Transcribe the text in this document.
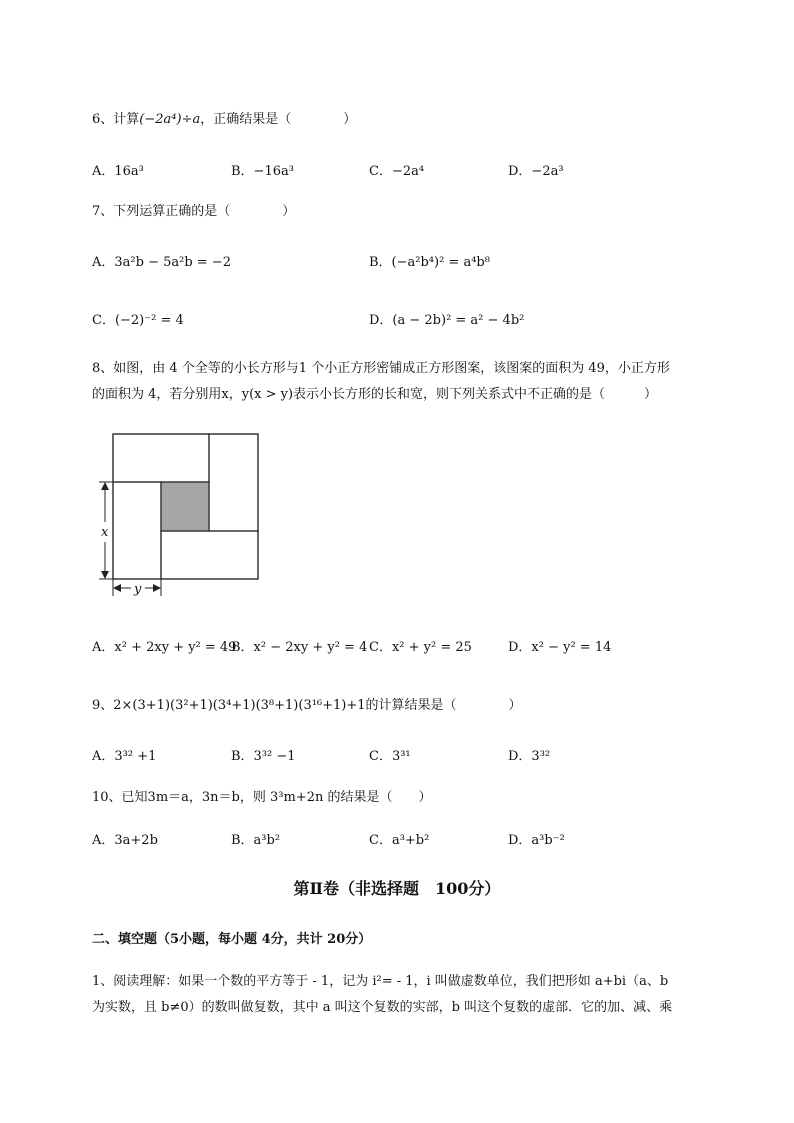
6、计算(−2a⁴)÷a，正确结果是（　　　　）
A．16a³	B．−16a³	C．−2a⁴	D．−2a³
7、下列运算正确的是（　　　　）
A．3a²b − 5a²b = −2	B．(−a²b⁴)² = a⁴b⁸
C．(−2)⁻² = 4	D．(a − 2b)² = a² − 4b²
8、如图，由 4 个全等的小长方形与1 个小正方形密铺成正方形图案，该图案的面积为 49，小正方形
的面积为 4，若分别用x，y(x > y)表示小长方形的长和宽，则下列关系式中不正确的是（　　　）
x
y
A．x² + 2xy + y² = 49
B．x² − 2xy + y² = 4 C．x² + y² = 25	D．x² − y² = 14
9、2×(3+1)(3²+1)(3⁴+1)(3⁸+1)(3¹⁶+1)+1的计算结果是（　　　　）
A．3³² +1	B．3³² −1	C．3³¹	D．3³²
10、已知3m＝a，3n＝b，则 3³m+2n 的结果是（　　）
A．3a+2b	B．a³b²	C．a³+b²	D．a³b⁻²
第Ⅱ卷（非选择题　100分）
二、填空题（5小题，每小题 4分，共计 20分）
1、阅读理解：如果一个数的平方等于 - 1，记为 i²= - 1，i 叫做虚数单位，我们把形如 a+bi（a、b
为实数，且 b≠0）的数叫做复数，其中 a 叫这个复数的实部，b 叫这个复数的虚部．它的加、减、乘
